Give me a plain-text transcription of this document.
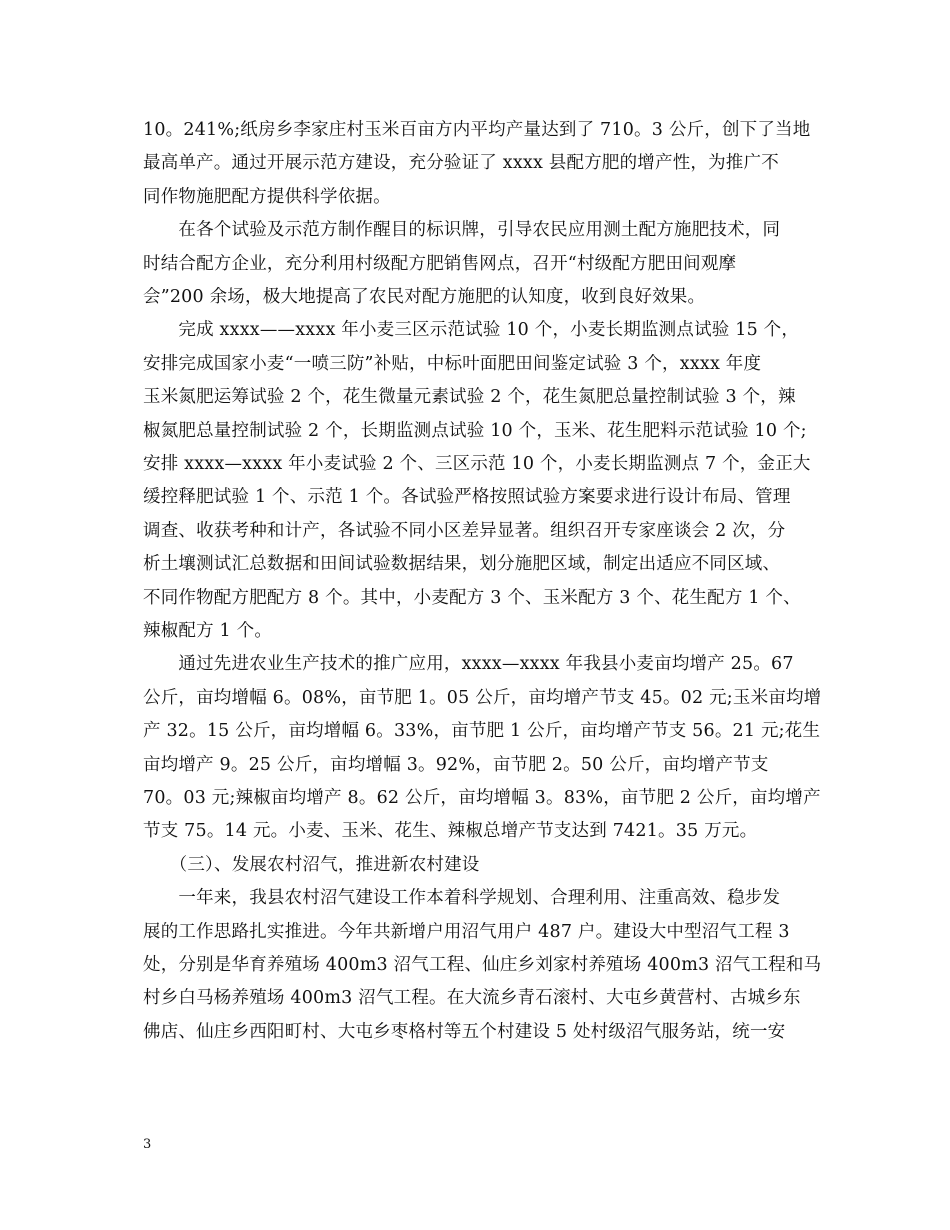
10。241%;纸房乡李家庄村玉米百亩方内平均产量达到了 710。3 公斤，创下了当地
最高单产。通过开展示范方建设，充分验证了 xxxx 县配方肥的增产性，为推广不
同作物施肥配方提供科学依据。
　　在各个试验及示范方制作醒目的标识牌，引导农民应用测土配方施肥技术，同
时结合配方企业，充分利用村级配方肥销售网点，召开“村级配方肥田间观摩
会”200 余场，极大地提高了农民对配方施肥的认知度，收到良好效果。
　　完成 xxxx——xxxx 年小麦三区示范试验 10 个，小麦长期监测点试验 15 个，
安排完成国家小麦“一喷三防”补贴，中标叶面肥田间鉴定试验 3 个，xxxx 年度
玉米氮肥运筹试验 2 个，花生微量元素试验 2 个，花生氮肥总量控制试验 3 个，辣
椒氮肥总量控制试验 2 个，长期监测点试验 10 个，玉米、花生肥料示范试验 10 个;
安排 xxxx—xxxx 年小麦试验 2 个、三区示范 10 个，小麦长期监测点 7 个，金正大
缓控释肥试验 1 个、示范 1 个。各试验严格按照试验方案要求进行设计布局、管理
调查、收获考种和计产，各试验不同小区差异显著。组织召开专家座谈会 2 次，分
析土壤测试汇总数据和田间试验数据结果，划分施肥区域，制定出适应不同区域、
不同作物配方肥配方 8 个。其中，小麦配方 3 个、玉米配方 3 个、花生配方 1 个、
辣椒配方 1 个。
　　通过先进农业生产技术的推广应用，xxxx—xxxx 年我县小麦亩均增产 25。67
公斤，亩均增幅 6。08%，亩节肥 1。05 公斤，亩均增产节支 45。02 元;玉米亩均增
产 32。15 公斤，亩均增幅 6。33%，亩节肥 1 公斤，亩均增产节支 56。21 元;花生
亩均增产 9。25 公斤，亩均增幅 3。92%，亩节肥 2。50 公斤，亩均增产节支
70。03 元;辣椒亩均增产 8。62 公斤，亩均增幅 3。83%，亩节肥 2 公斤，亩均增产
节支 75。14 元。小麦、玉米、花生、辣椒总增产节支达到 7421。35 万元。
　　（三）、发展农村沼气，推进新农村建设
　　一年来，我县农村沼气建设工作本着科学规划、合理利用、注重高效、稳步发
展的工作思路扎实推进。今年共新增户用沼气用户 487 户。建设大中型沼气工程 3
处，分别是华育养殖场 400m3 沼气工程、仙庄乡刘家村养殖场 400m3 沼气工程和马
村乡白马杨养殖场 400m3 沼气工程。在大流乡青石滚村、大屯乡黄营村、古城乡东
佛店、仙庄乡西阳町村、大屯乡枣格村等五个村建设 5 处村级沼气服务站，统一安
3
